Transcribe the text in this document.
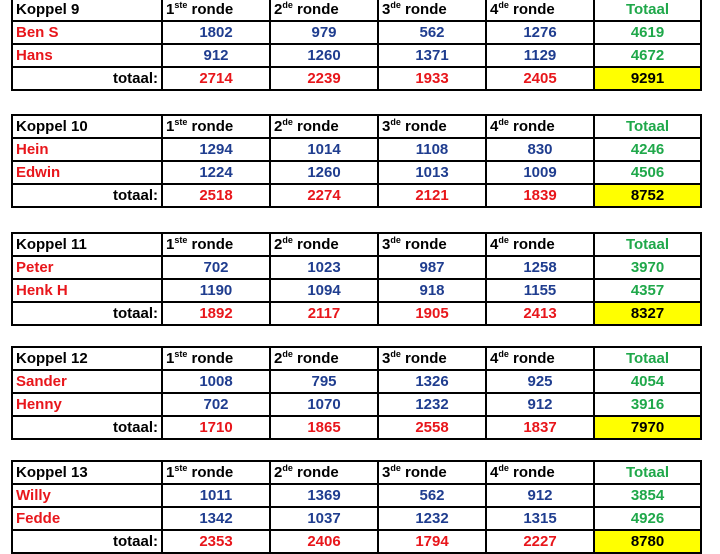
Koppel 9	1ste ronde	2de ronde	3de ronde	4de ronde	Totaal
Ben S	1802	979	562	1276	4619
Hans	912	1260	1371	1129	4672
totaal:	2714	2239	1933	2405	9291
Koppel 10	1ste ronde	2de ronde	3de ronde	4de ronde	Totaal
Hein	1294	1014	1108	830	4246
Edwin	1224	1260	1013	1009	4506
totaal:	2518	2274	2121	1839	8752
Koppel 11	1ste ronde	2de ronde	3de ronde	4de ronde	Totaal
Peter	702	1023	987	1258	3970
Henk H	1190	1094	918	1155	4357
totaal:	1892	2117	1905	2413	8327
Koppel 12	1ste ronde	2de ronde	3de ronde	4de ronde	Totaal
Sander	1008	795	1326	925	4054
Henny	702	1070	1232	912	3916
totaal:	1710	1865	2558	1837	7970
Koppel 13	1ste ronde	2de ronde	3de ronde	4de ronde	Totaal
Willy	1011	1369	562	912	3854
Fedde	1342	1037	1232	1315	4926
totaal:	2353	2406	1794	2227	8780
